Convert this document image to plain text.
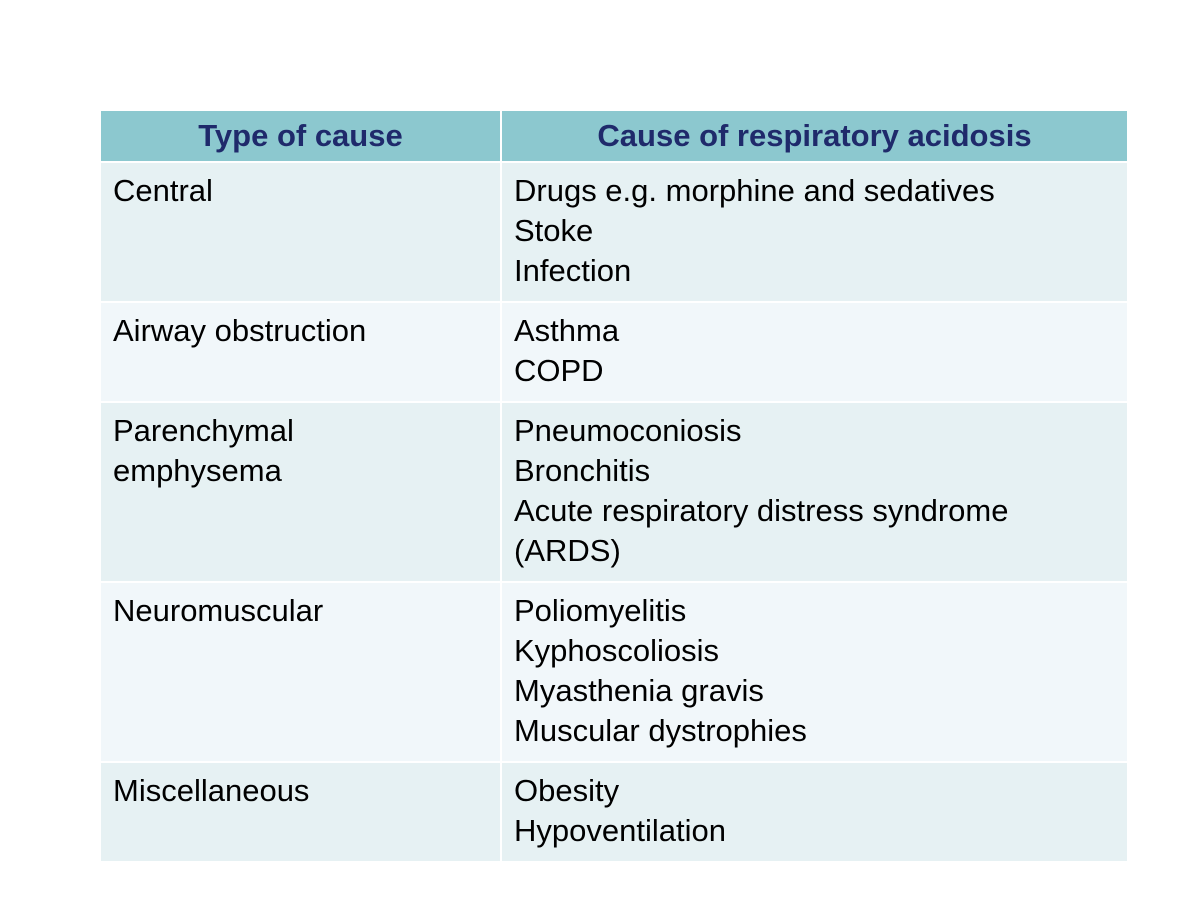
Type of cause	Cause of respiratory acidosis

Central	Drugs e.g. morphine and sedatives
Stoke
Infection

Airway obstruction	Asthma
COPD

Parenchymal
emphysema	Pneumoconiosis
Bronchitis
Acute respiratory distress syndrome
(ARDS)

Neuromuscular	Poliomyelitis
Kyphoscoliosis
Myasthenia gravis
Muscular dystrophies

Miscellaneous	Obesity
Hypoventilation
